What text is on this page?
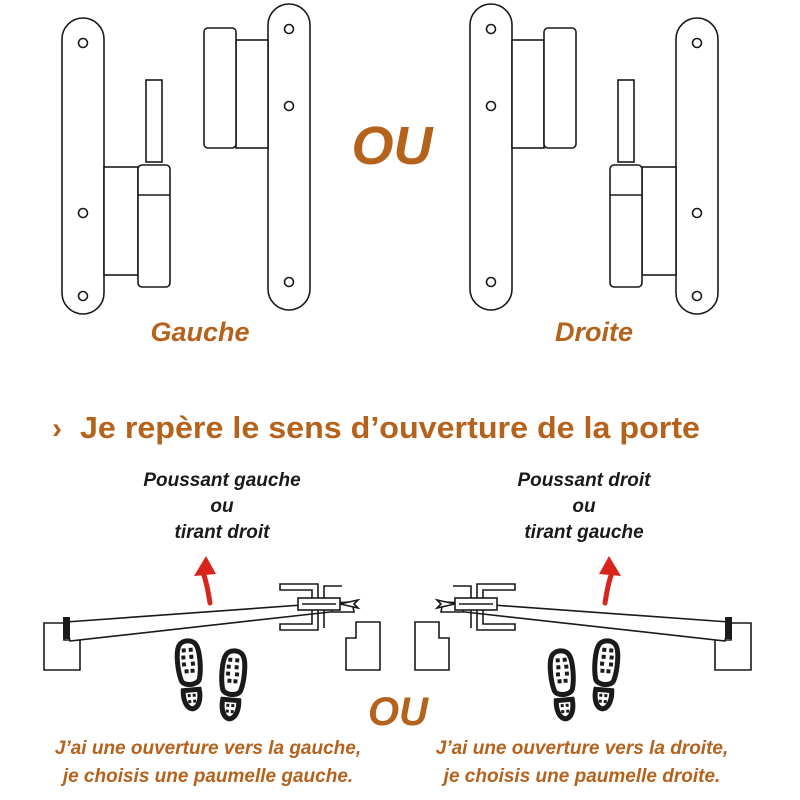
Gauche
OU
Droite
› Je repère le sens d’ouverture de la porte
Poussant gauche
ou
tirant droit
J’ai une ouverture vers la gauche,
je choisis une paumelle gauche.
OU
Poussant droit
ou
tirant gauche
J’ai une ouverture vers la droite,
je choisis une paumelle droite.
